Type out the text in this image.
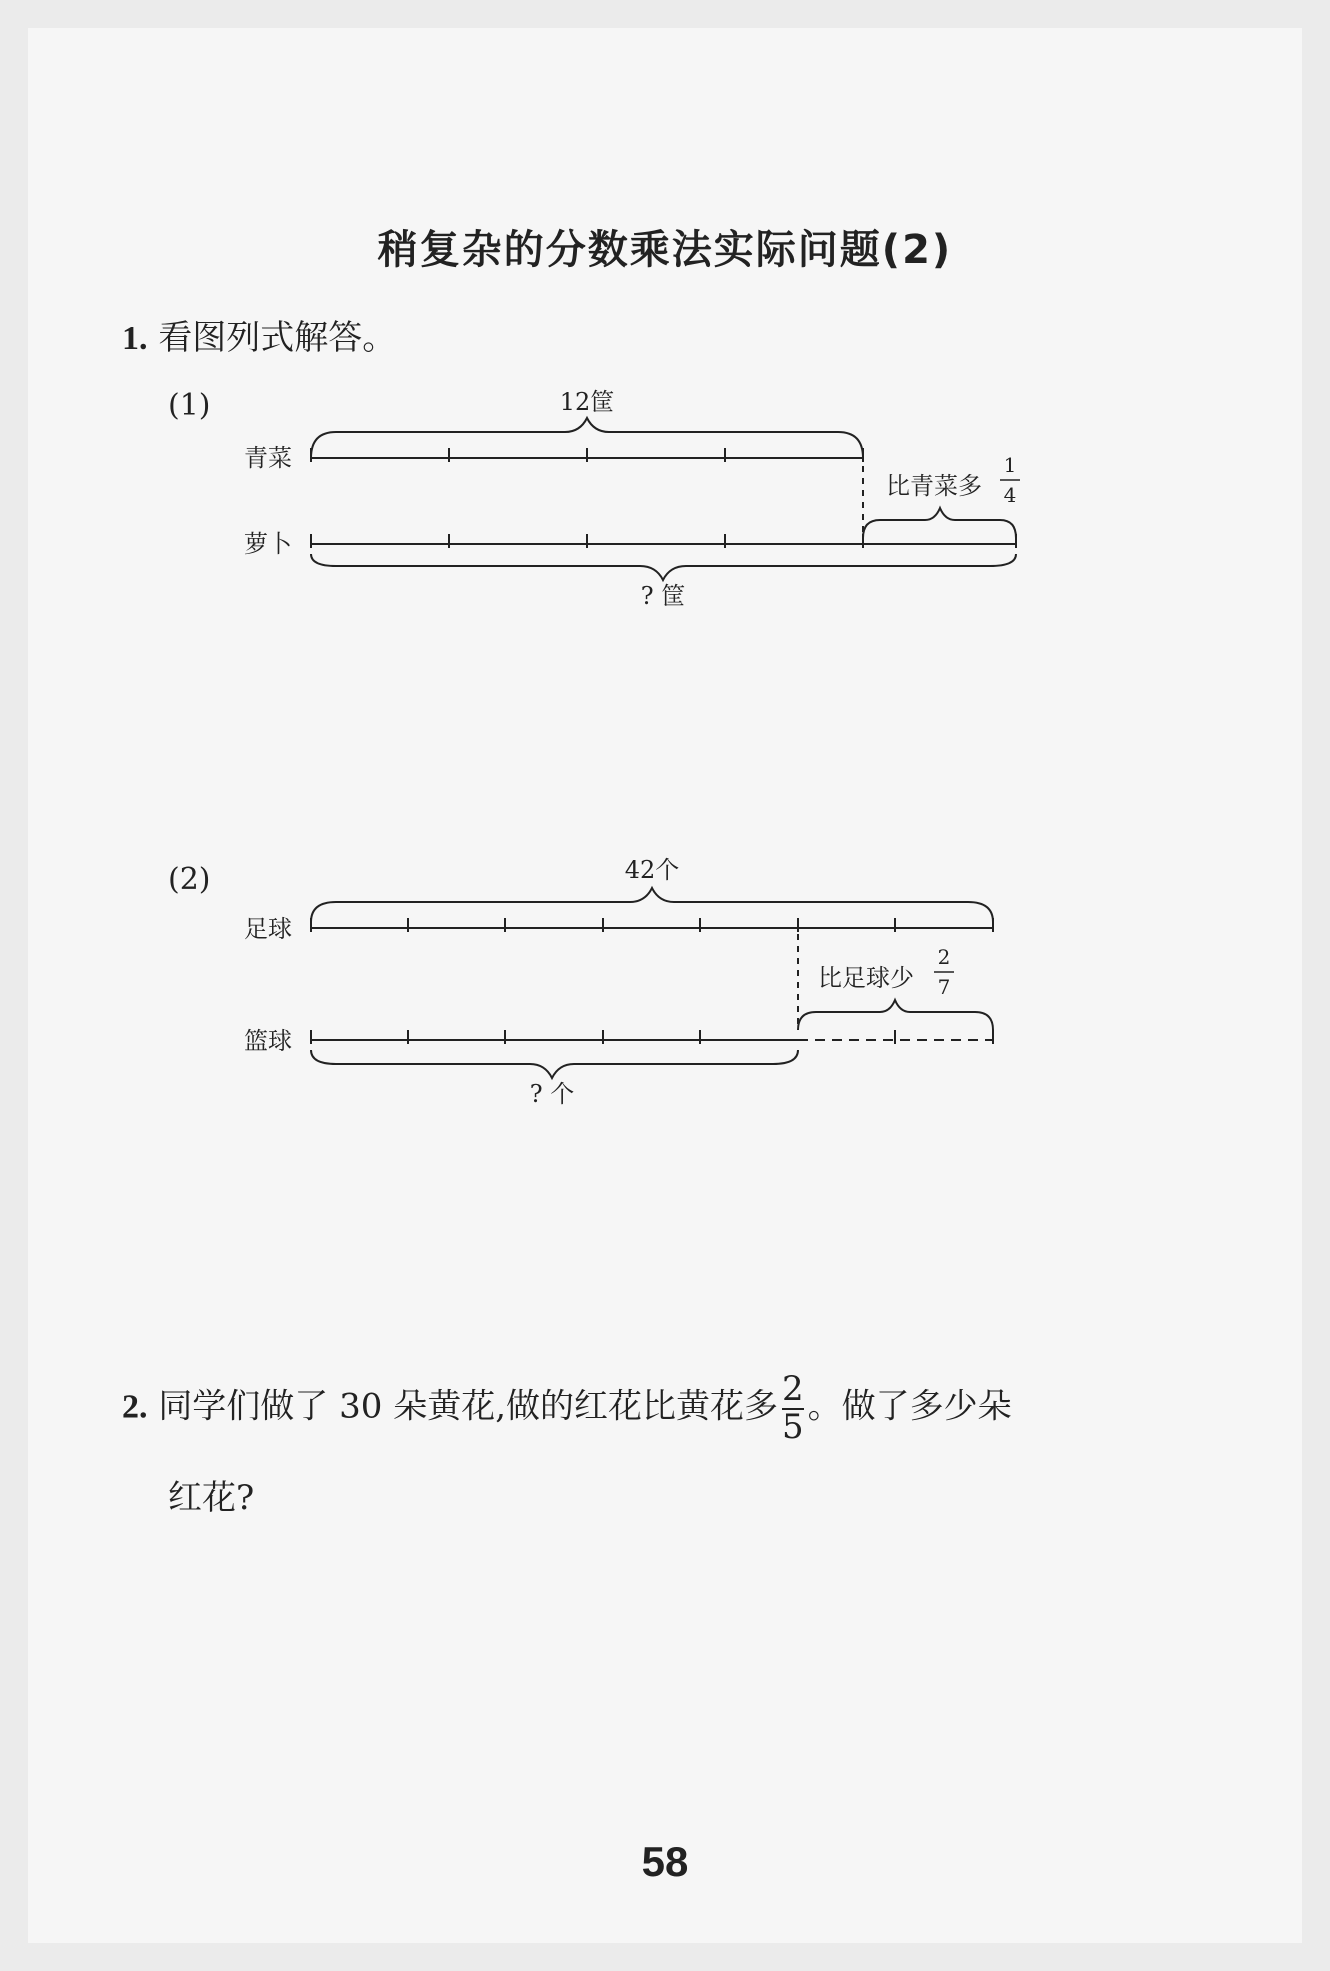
稍复杂的分数乘法实际问题(2)
1. 看图列式解答。
(1)
青菜
萝卜
12筐
比青菜多
1
4
? 筐
(2)
足球
篮球
42个
比足球少
2
7
? 个
2. 同学们做了 30 朵黄花,做的红花比黄花多 $\frac{2}{5}$ 。做了多少朵
红花?
58
